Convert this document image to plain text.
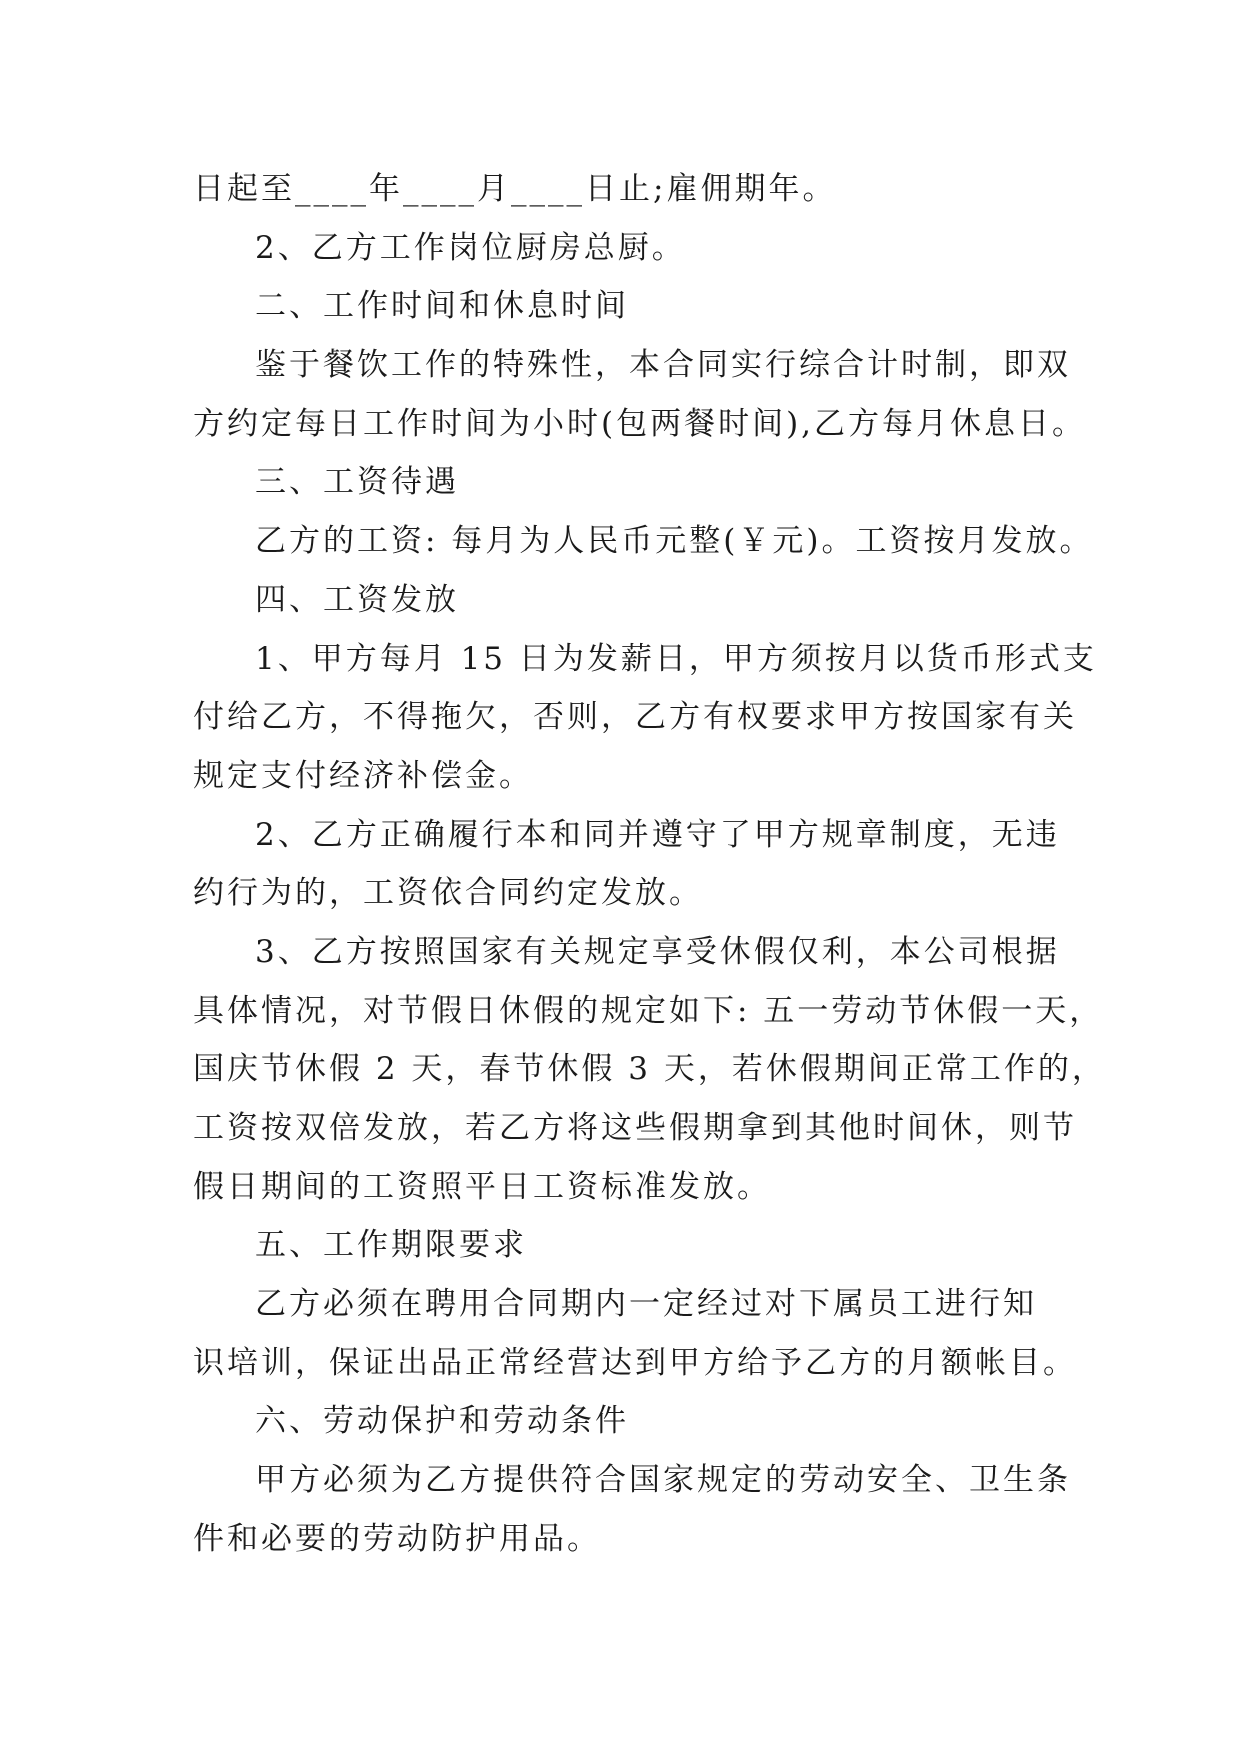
日起至____年____月____日止;雇佣期年。
2、乙方工作岗位厨房总厨。
二、工作时间和休息时间
鉴于餐饮工作的特殊性，本合同实行综合计时制，即双
方约定每日工作时间为小时(包两餐时间),乙方每月休息日。
三、工资待遇
乙方的工资: 每月为人民币元整(￥元)。工资按月发放。
四、工资发放
1、甲方每月 15 日为发薪日，甲方须按月以货币形式支
付给乙方，不得拖欠，否则，乙方有权要求甲方按国家有关
规定支付经济补偿金。
2、乙方正确履行本和同并遵守了甲方规章制度，无违
约行为的，工资依合同约定发放。
3、乙方按照国家有关规定享受休假仅利，本公司根据
具体情况，对节假日休假的规定如下: 五一劳动节休假一天，
国庆节休假 2 天，春节休假 3 天，若休假期间正常工作的，
工资按双倍发放，若乙方将这些假期拿到其他时间休，则节
假日期间的工资照平日工资标准发放。
五、工作期限要求
乙方必须在聘用合同期内一定经过对下属员工进行知
识培训，保证出品正常经营达到甲方给予乙方的月额帐目。
六、劳动保护和劳动条件
甲方必须为乙方提供符合国家规定的劳动安全、卫生条
件和必要的劳动防护用品。
